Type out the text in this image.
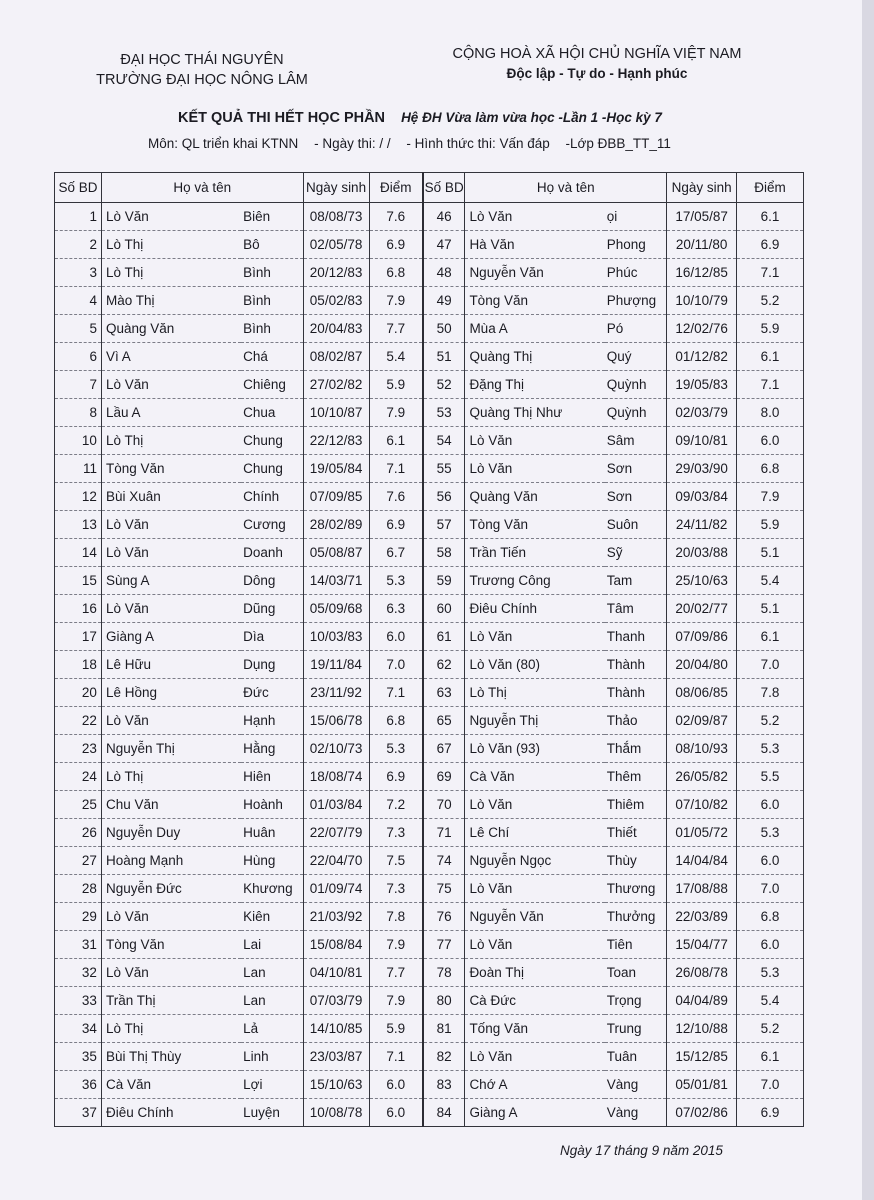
ĐẠI HỌC THÁI NGUYÊN
TRƯỜNG ĐẠI HỌC NÔNG LÂM
CỘNG HOÀ XÃ HỘI CHỦ NGHĨA VIỆT NAM
Độc lập - Tự do - Hạnh phúc
KẾT QUẢ THI HẾT HỌC PHẦN Hệ ĐH Vừa làm vừa học -Lần 1 -Học kỳ 7
Môn: QL triển khai KTNN - Ngày thi: / / - Hình thức thi: Vấn đáp -Lớp ĐBB_TT_11
Số BD	Họ và tên		Ngày sinh	Điểm	Số BD	Họ và tên		Ngày sinh	Điểm
1	Lò Văn	Biên	08/08/73	7.6	46	Lò Văn	ọi	17/05/87	6.1
2	Lò Thị	Bô	02/05/78	6.9	47	Hà Văn	Phong	20/11/80	6.9
3	Lò Thị	Bình	20/12/83	6.8	48	Nguyễn Văn	Phúc	16/12/85	7.1
4	Mào Thị	Bình	05/02/83	7.9	49	Tòng Văn	Phượng	10/10/79	5.2
5	Quàng Văn	Bình	20/04/83	7.7	50	Mùa A	Pó	12/02/76	5.9
6	Vì A	Chá	08/02/87	5.4	51	Quàng Thị	Quý	01/12/82	6.1
7	Lò Văn	Chiêng	27/02/82	5.9	52	Đặng Thị	Quỳnh	19/05/83	7.1
8	Lầu A	Chua	10/10/87	7.9	53	Quàng Thị Như	Quỳnh	02/03/79	8.0
10	Lò Thị	Chung	22/12/83	6.1	54	Lò Văn	Sâm	09/10/81	6.0
11	Tòng Văn	Chung	19/05/84	7.1	55	Lò Văn	Sơn	29/03/90	6.8
12	Bùi Xuân	Chính	07/09/85	7.6	56	Quàng Văn	Sơn	09/03/84	7.9
13	Lò Văn	Cương	28/02/89	6.9	57	Tòng Văn	Suôn	24/11/82	5.9
14	Lò Văn	Doanh	05/08/87	6.7	58	Trần Tiến	Sỹ	20/03/88	5.1
15	Sùng A	Dông	14/03/71	5.3	59	Trương Công	Tam	25/10/63	5.4
16	Lò Văn	Dũng	05/09/68	6.3	60	Điêu Chính	Tâm	20/02/77	5.1
17	Giàng A	Dìa	10/03/83	6.0	61	Lò Văn	Thanh	07/09/86	6.1
18	Lê Hữu	Dụng	19/11/84	7.0	62	Lò Văn (80)	Thành	20/04/80	7.0
20	Lê Hồng	Đức	23/11/92	7.1	63	Lò Thị	Thành	08/06/85	7.8
22	Lò Văn	Hạnh	15/06/78	6.8	65	Nguyễn Thị	Thảo	02/09/87	5.2
23	Nguyễn Thị	Hằng	02/10/73	5.3	67	Lò Văn (93)	Thắm	08/10/93	5.3
24	Lò Thị	Hiên	18/08/74	6.9	69	Cà Văn	Thêm	26/05/82	5.5
25	Chu Văn	Hoành	01/03/84	7.2	70	Lò Văn	Thiêm	07/10/82	6.0
26	Nguyễn Duy	Huân	22/07/79	7.3	71	Lê Chí	Thiết	01/05/72	5.3
27	Hoàng Mạnh	Hùng	22/04/70	7.5	74	Nguyễn Ngọc	Thùy	14/04/84	6.0
28	Nguyễn Đức	Khương	01/09/74	7.3	75	Lò Văn	Thương	17/08/88	7.0
29	Lò Văn	Kiên	21/03/92	7.8	76	Nguyễn Văn	Thưởng	22/03/89	6.8
31	Tòng Văn	Lai	15/08/84	7.9	77	Lò Văn	Tiên	15/04/77	6.0
32	Lò Văn	Lan	04/10/81	7.7	78	Đoàn Thị	Toan	26/08/78	5.3
33	Trần Thị	Lan	07/03/79	7.9	80	Cà Đức	Trọng	04/04/89	5.4
34	Lò Thị	Lả	14/10/85	5.9	81	Tống Văn	Trung	12/10/88	5.2
35	Bùi Thị Thùy	Linh	23/03/87	7.1	82	Lò Văn	Tuân	15/12/85	6.1
36	Cà Văn	Lợi	15/10/63	6.0	83	Chớ A	Vàng	05/01/81	7.0
37	Điêu Chính	Luyện	10/08/78	6.0	84	Giàng A	Vàng	07/02/86	6.9
Ngày 17 tháng 9 năm 2015
